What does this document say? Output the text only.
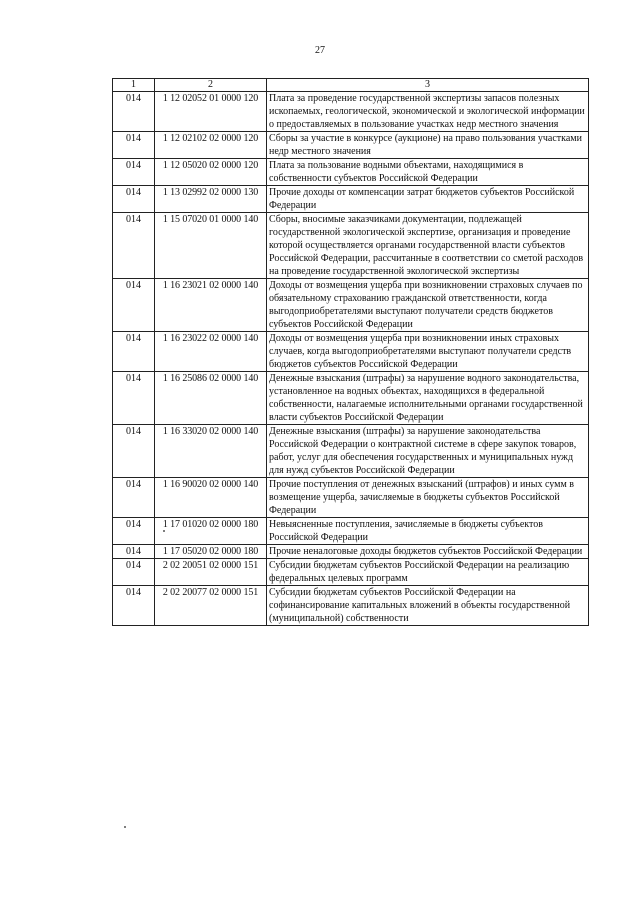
27
1	2	3
014	1 12 02052 01 0000 120	Плата за проведение государственной экспертизы запасов полезных ископаемых, геологической, экономической и экологической информации о предоставляемых в пользование участках недр местного значения
014	1 12 02102 02 0000 120	Сборы за участие в конкурсе (аукционе) на право пользования участками недр местного значения
014	1 12 05020 02 0000 120	Плата за пользование водными объектами, находящимися в собственности субъектов Российской Федерации
014	1 13 02992 02 0000 130	Прочие доходы от компенсации затрат бюджетов субъектов Российской Федерации
014	1 15 07020 01 0000 140	Сборы, вносимые заказчиками документации, подлежащей государственной экологической экспертизе, организация и проведение которой осуществляется органами государственной власти субъектов Российской Федерации, рассчитанные в соответствии со сметой расходов на проведение государственной экологической экспертизы
014	1 16 23021 02 0000 140	Доходы от возмещения ущерба при возникновении страховых случаев по обязательному страхованию гражданской ответственности, когда выгодоприобретателями выступают получатели средств бюджетов субъектов Российской Федерации
014	1 16 23022 02 0000 140	Доходы от возмещения ущерба при возникновении иных страховых случаев, когда выгодоприобретателями выступают получатели средств бюджетов субъектов Российской Федерации
014	1 16 25086 02 0000 140	Денежные взыскания (штрафы) за нарушение водного законодательства, установленное на водных объектах, находящихся в федеральной собственности, налагаемые исполнительными органами государственной власти субъектов Российской Федерации
014	1 16 33020 02 0000 140	Денежные взыскания (штрафы) за нарушение законодательства Российской Федерации о контрактной системе в сфере закупок товаров, работ, услуг для обеспечения государственных и муниципальных нужд для нужд субъектов Российской Федерации
014	1 16 90020 02 0000 140	Прочие поступления от денежных взысканий (штрафов) и иных сумм в возмещение ущерба, зачисляемые в бюджеты субъектов Российской Федерации
014	1 17 01020 02 0000 180	Невыясненные поступления, зачисляемые в бюджеты субъектов Российской Федерации
014	1 17 05020 02 0000 180	Прочие неналоговые доходы бюджетов субъектов Российской Федерации
014	2 02 20051 02 0000 151	Субсидии бюджетам субъектов Российской Федерации на реализацию федеральных целевых программ
014	2 02 20077 02 0000 151	Субсидии бюджетам субъектов Российской Федерации на софинансирование капитальных вложений в объекты государственной (муниципальной) собственности
